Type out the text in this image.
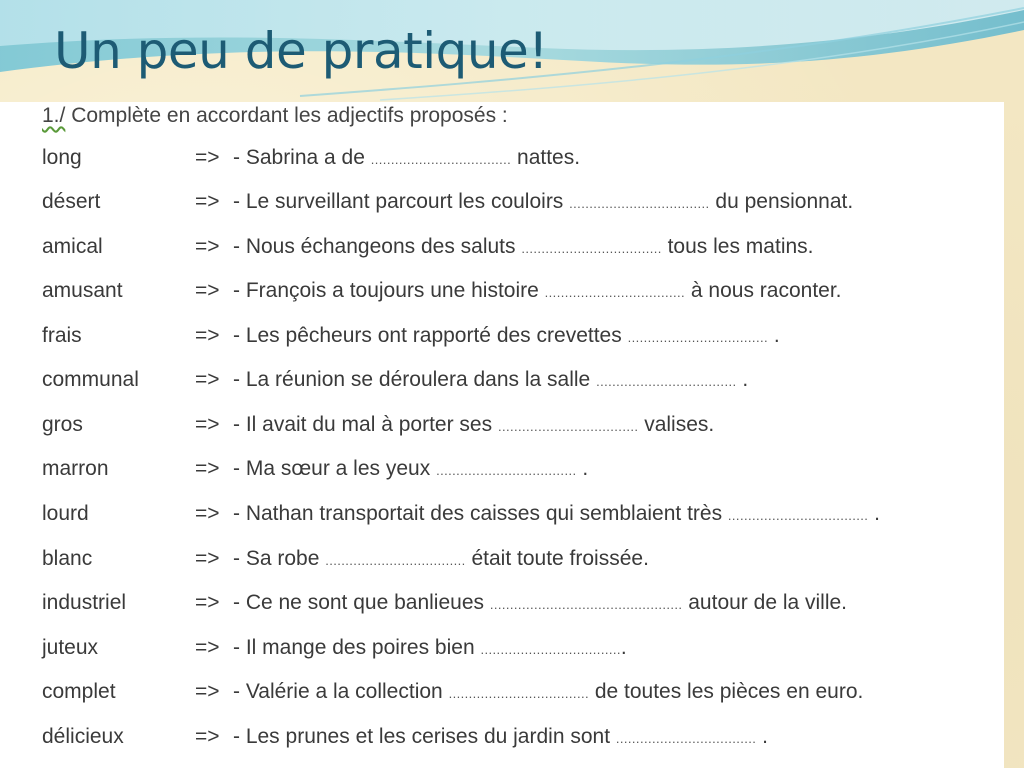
Un peu de pratique!
1./ Complète en accordant les adjectifs proposés :
long	=> - Sabrina a de ................................... nattes.
désert	=> - Le surveillant parcourt les couloirs ................................... du pensionnat.
amical	=> - Nous échangeons des saluts ................................... tous les matins.
amusant	=> - François a toujours une histoire ................................... à nous raconter.
frais	=> - Les pêcheurs ont rapporté des crevettes ................................... .
communal	=> - La réunion se déroulera dans la salle ................................... .
gros	=> - Il avait du mal à porter ses ................................... valises.
marron	=> - Ma sœur a les yeux ................................... .
lourd	=> - Nathan transportait des caisses qui semblaient très ................................... .
blanc	=> - Sa robe ................................... était toute froissée.
industriel	=> - Ce ne sont que banlieues ................................................ autour de la ville.
juteux	=> - Il mange des poires bien ....................................
complet	=> - Valérie a la collection ................................... de toutes les pièces en euro.
délicieux	=> - Les prunes et les cerises du jardin sont ................................... .
